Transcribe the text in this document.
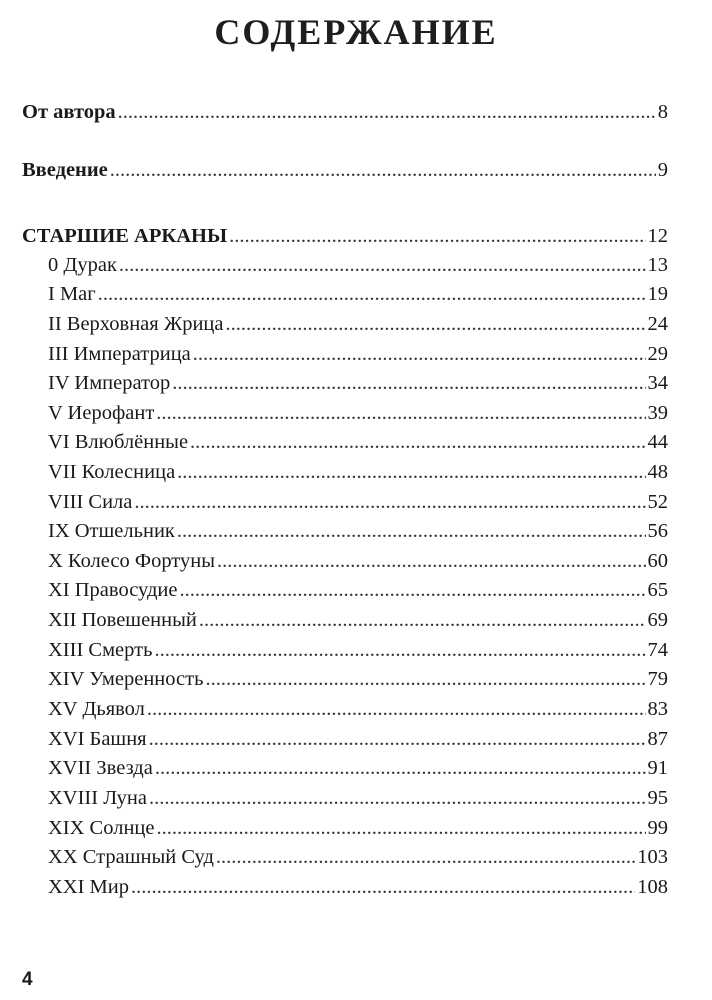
СОДЕРЖАНИЕ
От автора .....	8
Введение .....	9
СТАРШИЕ АРКАНЫ .....	12
0 Дурак .....	13
I Маг .....	19
II Верховная Жрица .....	24
III Императрица .....	29
IV Император .....	34
V Иерофант .....	39
VI Влюблённые .....	44
VII Колесница .....	48
VIII Сила .....	52
IX Отшельник .....	56
X Колесо Фортуны .....	60
XI Правосудие .....	65
XII Повешенный .....	69
XIII Смерть .....	74
XIV Умеренность .....	79
XV Дьявол .....	83
XVI Башня .....	87
XVII Звезда .....	91
XVIII Луна .....	95
XIX Солнце .....	99
XX Страшный Суд .....	103
XXI Мир .....	108
4
